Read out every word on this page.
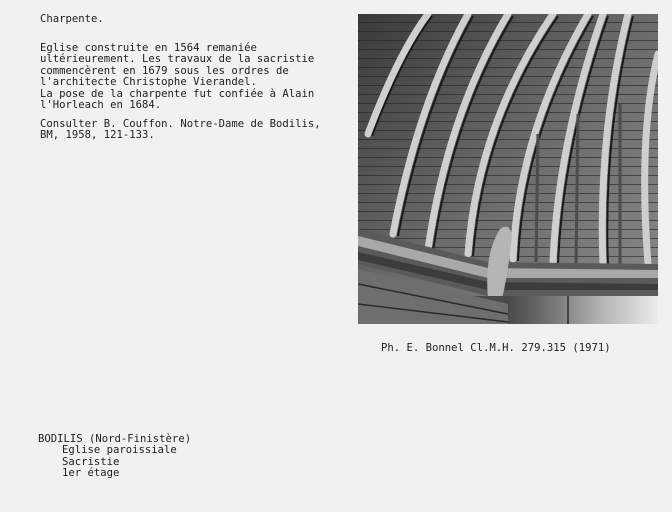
Charpente.
Eglise construite en 1564 remaniée
ultérieurement. Les travaux de la sacristie
commencèrent en 1679 sous les ordres de
l'architecte Christophe Vierandel.
La pose de la charpente fut confiée à Alain
l'Horleach en 1684.
Consulter B. Couffon. Notre-Dame de Bodilis,
BM, 1958, 121-133.
Ph. E. Bonnel Cl.M.H. 279.315 (1971)
BODILIS (Nord-Finistère)
Eglise paroissiale
Sacristie
1er étage
